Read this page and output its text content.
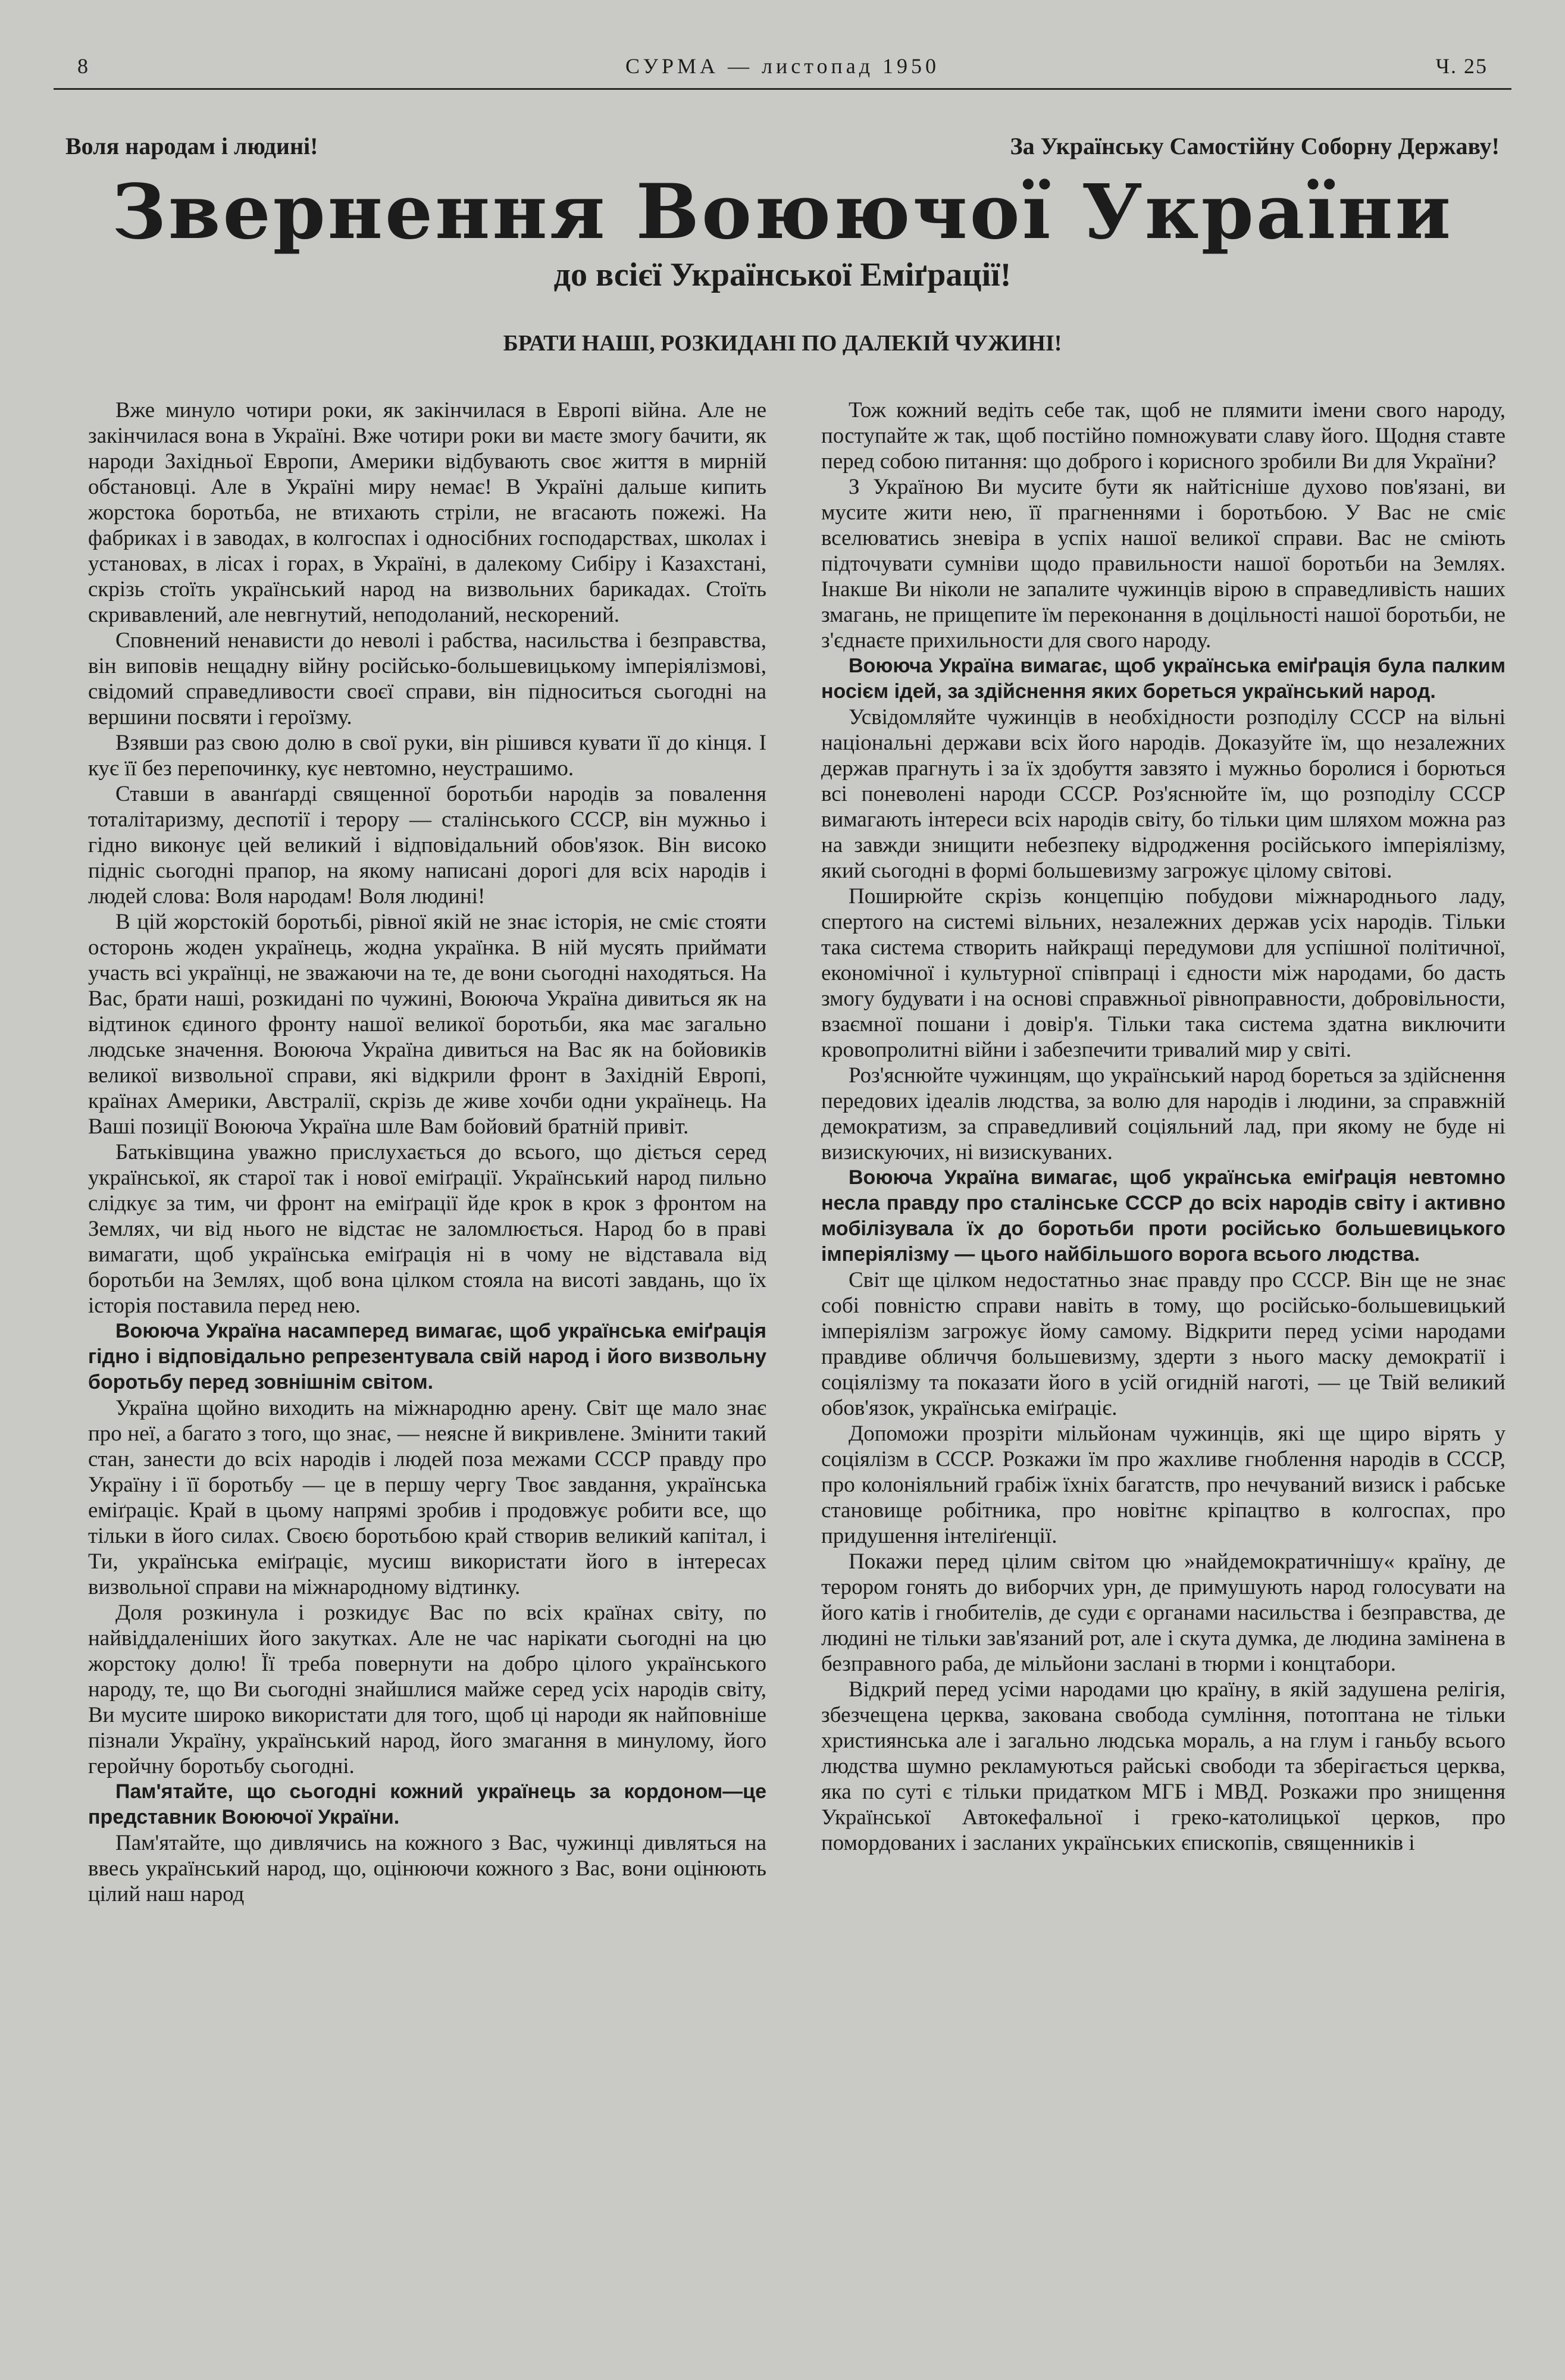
8	СУРМА — листопад 1950	Ч. 25
Воля народам і людині!	За Українську Самостійну Соборну Державу!
Звернення Воюючої України
до всієї Української Еміґрації!
БРАТИ НАШІ, РОЗКИДАНІ ПО ДАЛЕКІЙ ЧУЖИНІ!

Вже минуло чотири роки, як закінчилася в Европі війна. Але не закінчилася вона в Україні. Вже чотири роки ви маєте змогу бачити, як народи Західньої Европи, Америки відбувають своє життя в мирній обстановці. Але в Україні миру немає! В Україні дальше кипить жорстока боротьба, не втихають стріли, не вгасають пожежі. На фабриках і в заводах, в колгоспах і односібних господарствах, школах і установах, в лісах і горах, в Україні, в далекому Сибіру і Казахстані, скрізь стоїть український народ на визвольних барикадах. Стоїть скривавлений, але невгнутий, неподоланий, нескорений.

Сповнений ненависти до неволі і рабства, насильства і безправства, він виповів нещадну війну російсько-большевицькому імперіялізмові, свідомий справедливости своєї справи, він підноситься сьогодні на вершини посвяти і героїзму.

Взявши раз свою долю в свої руки, він рішився кувати її до кінця. І кує її без перепочинку, кує невтомно, неустрашимо.

Ставши в аванґарді священної боротьби народів за повалення тоталітаризму, деспотії і терору — сталінського СССР, він мужньо і гідно виконує цей великий і відповідальний обов'язок. Він високо підніс сьогодні прапор, на якому написані дорогі для всіх народів і людей слова: Воля народам! Воля людині!

В цій жорстокій боротьбі, рівної якій не знає історія, не сміє стояти осторонь жоден українець, жодна українка. В ній мусять приймати участь всі українці, не зважаючи на те, де вони сьогодні находяться. На Вас, брати наші, розкидані по чужині, Воююча Україна дивиться як на відтинок єдиного фронту нашої великої боротьби, яка має загально людське значення. Воююча Україна дивиться на Вас як на бойовиків великої визвольної справи, які відкрили фронт в Західній Европі, країнах Америки, Австралії, скрізь де живе хочби одни українець. На Ваші позиції Воююча Україна шле Вам бойовий братній привіт.

Батьківщина уважно прислухається до всього, що діється серед української, як старої так і нової еміґрації. Український народ пильно слідкує за тим, чи фронт на еміґрації йде крок в крок з фронтом на Землях, чи від нього не відстає не заломлюється. Народ бо в праві вимагати, щоб українська еміґрація ні в чому не відставала від боротьби на Землях, щоб вона цілком стояла на висоті завдань, що їх історія поставила перед нею.

Воююча Україна насамперед вимагає, щоб українська еміґрація гідно і відповідально репрезентувала свій народ і його визвольну боротьбу перед зовнішнім світом.

Україна щойно виходить на міжнародню арену. Світ ще мало знає про неї, а багато з того, що знає, — неясне й викривлене. Змінити такий стан, занести до всіх народів і людей поза межами СССР правду про Україну і її боротьбу — це в першу чергу Твоє завдання, українська еміґраціє. Край в цьому напрямі зробив і продовжує робити все, що тільки в його силах. Своєю боротьбою край створив великий капітал, і Ти, українська еміґраціє, мусиш використати його в інтересах визвольної справи на міжнародному відтинку.

Доля розкинула і розкидує Вас по всіх країнах світу, по найвіддаленіших його закутках. Але не час нарікати сьогодні на цю жорстоку долю! Її треба повернути на добро цілого українського народу, те, що Ви сьогодні знайшлися майже серед усіх народів світу, Ви мусите широко використати для того, щоб ці народи як найповніше пізнали Україну, український народ, його змагання в минулому, його геройчну боротьбу сьогодні.

Пам'ятайте, що сьогодні кожний українець за кордоном—це представник Воюючої України.

Пам'ятайте, що дивлячись на кожного з Вас, чужинці дивляться на ввесь український народ, що, оцінюючи кожного з Вас, вони оцінюють цілий наш народ

Тож кожний ведіть себе так, щоб не плямити імени свого народу, поступайте ж так, щоб постійно помножувати славу його. Щодня ставте перед собою питання: що доброго і корисного зробили Ви для України?

З Україною Ви мусите бути як найтісніше духово пов'язані, ви мусите жити нею, її прагненнями і боротьбою. У Вас не сміє вселюватись зневіра в успіх нашої великої справи. Вас не сміють підточувати сумніви щодо правильности нашої боротьби на Землях. Інакше Ви ніколи не запалите чужинців вірою в справедливість наших змагань, не прищепите їм переконання в доцільності нашої боротьби, не з'єднаєте прихильности для свого народу.

Воююча Україна вимагає, щоб українська еміґрація була палким носієм ідей, за здійснення яких бореться український народ.

Усвідомляйте чужинців в необхідности розподілу СССР на вільні національні держави всіх його народів. Доказуйте їм, що незалежних держав прагнуть і за їх здобуття завзято і мужньо боролися і борються всі поневолені народи СССР. Роз'яснюйте їм, що розподілу СССР вимагають інтереси всіх народів світу, бо тільки цим шляхом можна раз на завжди знищити небезпеку відродження російського імперіялізму, який сьогодні в формі большевизму загрожує цілому світові.

Поширюйте скрізь концепцію побудови міжнароднього ладу, спертого на системі вільних, незалежних держав усіх народів. Тільки така система створить найкращі передумови для успішної політичної, економічної і культурної співпраці і єдности між народами, бо дасть змогу будувати і на основі справжньої рівноправности, добровільности, взаємної пошани і довір'я. Тільки така система здатна виключити кровопролитні війни і забезпечити тривалий мир у світі.

Роз'яснюйте чужинцям, що український народ бореться за здійснення передових ідеалів людства, за волю для народів і людини, за справжній демократизм, за справедливий соціяльний лад, при якому не буде ні визискуючих, ні визискуваних.

Воююча Україна вимагає, щоб українська еміґрація невтомно несла правду про сталінське СССР до всіх народів світу і активно мобілізувала їх до боротьби проти російсько большевицького імперіялізму — цього найбільшого ворога всього людства.

Світ ще цілком недостатньо знає правду про СССР. Він ще не знає собі повністю справи навіть в тому, що російсько-большевицький імперіялізм загрожує йому самому. Відкрити перед усіми народами правдиве обличчя большевизму, здерти з нього маску демократії і соціялізму та показати його в усій огидній наготі, — це Твій великий обов'язок, українська еміґраціє.

Допоможи прозріти мільйонам чужинців, які ще щиро вірять у соціялізм в СССР. Розкажи їм про жахливе гноблення народів в СССР, про колоніяльний грабіж їхніх багатств, про нечуваний визиск і рабське становище робітника, про новітнє кріпацтво в колгоспах, про придушення інтеліґенції.

Покажи перед цілим світом цю »найдемократичнішу« країну, де терором гонять до виборчих урн, де примушують народ голосувати на його катів і гнобителів, де суди є органами насильства і безправства, де людині не тільки зав'язаний рот, але і скута думка, де людина замінена в безправного раба, де мільйони заслані в тюрми і концтабори.

Відкрий перед усіми народами цю країну, в якій задушена релігія, збезчещена церква, закована свобода сумління, потоптана не тільки християнська але і загально людська мораль, а на глум і ганьбу всього людства шумно рекламуються райські свободи та зберігається церква, яка по суті є тільки придатком МГБ і МВД. Розкажи про знищення Української Автокефальної і греко-католицької церков, про помордованих і засланих українських єпископів, священників і
